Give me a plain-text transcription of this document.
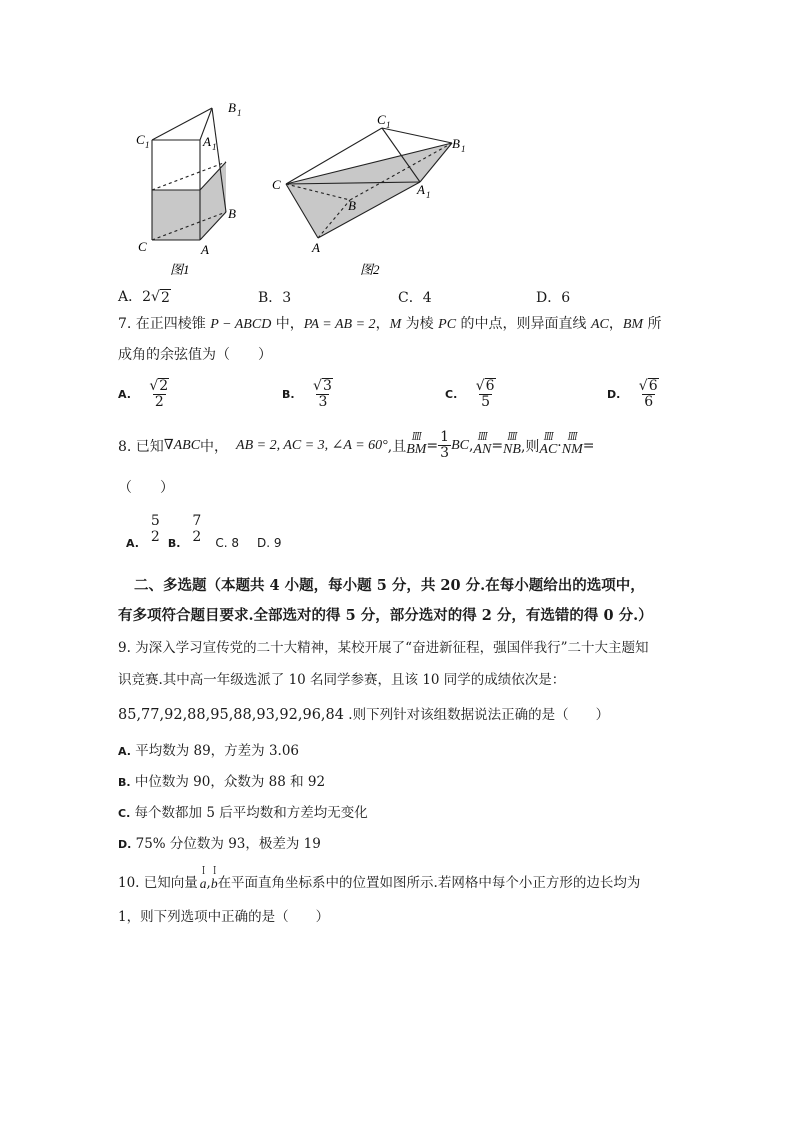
B 1
C 1	A 1
B
C	A
图1
C 1
B 1
C	A 1
B
A
图2
A．2√ 2	B．3	C．4	D．6
7. 在正四棱锥 P − ABCD 中，PA = AB = 2，M 为棱 PC 的中点，则异面直线 AC，BM 所
成角的余弦值为（　　）
A. $\frac{√ 2}{2}$	B. $\frac{√ 3}{3}$	C. $\frac{√ 6}{5}$	D. $\frac{√ 6}{6}$
8. 已知 ∇ABC 中， AB = 2, AC = 3, ∠A = 60° ,且
ꟾꟾꟾꟾ
BM = $\frac{1}{3}$ BC , ꟾꟾꟾꟾ
AN = ꟾꟾꟾꟾ
NB ,则
ꟾꟾꟾꟾ
AC · ꟾꟾꟾꟾ
NM =
（　　）
A.
5
2 B.
7
2 C. 8 D. 9
二、多选题（本题共 4 小题，每小题 5 分，共 20 分.在每小题给出的选项中，
有多项符合题目要求.全部选对的得 5 分，部分选对的得 2 分，有选错的得 0 分.）
9. 为深入学习宣传党的二十大精神，某校开展了“奋进新征程，强国伴我行”二十大主题知
识竞赛.其中高一年级选派了 10 名同学参赛，且该 10 同学的成绩依次是：
85,77,92,88,95,88,93,92,96,84 .则下列针对该组数据说法正确的是（　　）
A. 平均数为 89，方差为 3.06
B. 中位数为 90，众数为 88 和 92
C. 每个数都加 5 后平均数和方差均无变化
D. 75% 分位数为 93，极差为 19
10. 已知向量
ꟾ
a ,
ꟾ
b 在平面直角坐标系中的位置如图所示.若网格中每个小正方形的边长均为
1，则下列选项中正确的是（　　）
